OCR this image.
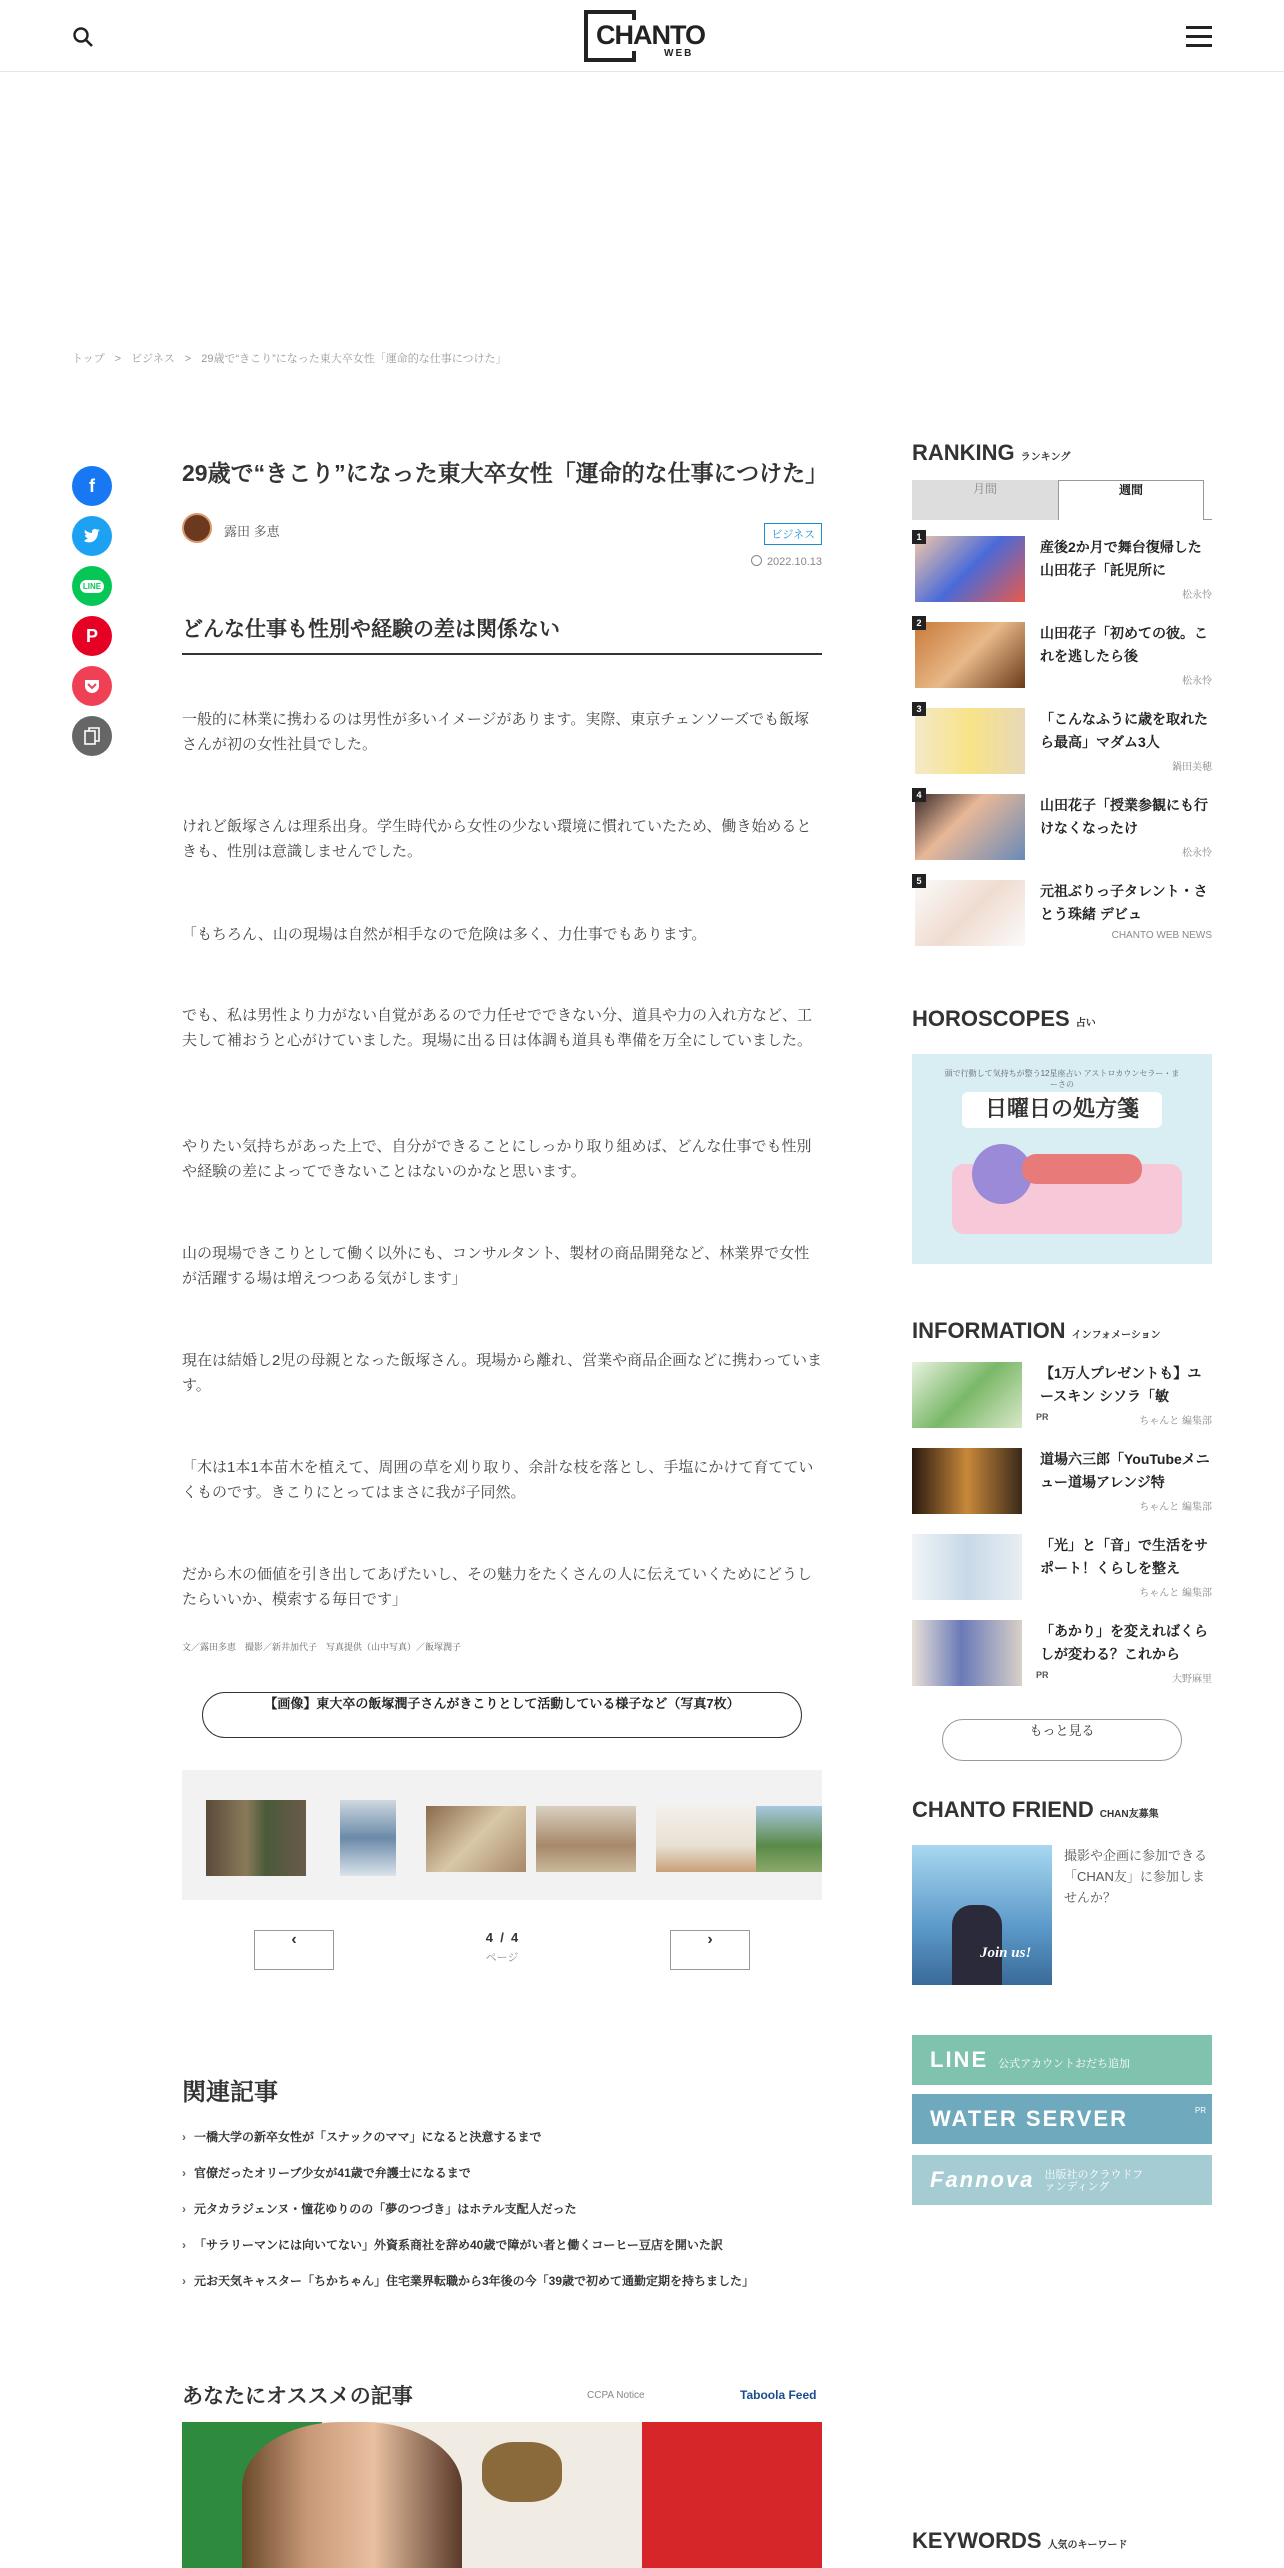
CHANTO
WEB
トップ > ビジネス > 29歳で“きこり”になった東大卒女性「運命的な仕事につけた」
f
LINE
P
29歳で“きこり”になった東大卒女性「運命的な仕事につけた」
露田 多恵	ビジネス
2022.10.13
どんな仕事も性別や経験の差は関係ない

一般的に林業に携わるのは男性が多いイメージがあります。実際、東京チェンソーズでも飯塚さんが初の女性社員でした。

けれど飯塚さんは理系出身。学生時代から女性の少ない環境に慣れていたため、働き始めるときも、性別は意識しませんでした。

「もちろん、山の現場は自然が相手なので危険は多く、力仕事でもあります。

でも、私は男性より力がない自覚があるので力任せでできない分、道具や力の入れ方など、工夫して補おうと心がけていました。現場に出る日は体調も道具も準備を万全にしていました。

やりたい気持ちがあった上で、自分ができることにしっかり取り組めば、どんな仕事でも性別や経験の差によってできないことはないのかなと思います。

山の現場できこりとして働く以外にも、コンサルタント、製材の商品開発など、林業界で女性が活躍する場は増えつつある気がします」

現在は結婚し2児の母親となった飯塚さん。現場から離れ、営業や商品企画などに携わっています。

「木は1本1本苗木を植えて、周囲の草を刈り取り、余計な枝を落とし、手塩にかけて育てていくものです。きこりにとってはまさに我が子同然。

だから木の価値を引き出してあげたいし、その魅力をたくさんの人に伝えていくためにどうしたらいいか、模索する毎日です」

文／露田多恵　撮影／新井加代子　写真提供（山中写真）／飯塚潤子

【画像】東大卒の飯塚潤子さんがきこりとして活動している様子など（写真7枚）
‹	4 / 4
ページ
›
関連記事
› 一橋大学の新卒女性が「スナックのママ」になると決意するまで
› 官僚だったオリーブ少女が41歳で弁護士になるまで
› 元タカラジェンヌ・憧花ゆりのの「夢のつづき」はホテル支配人だった
› 「サラリーマンには向いてない」外資系商社を辞め40歳で障がい者と働くコーヒー豆店を開いた訳
› 元お天気キャスター「ちかちゃん」住宅業界転職から3年後の今「39歳で初めて通勤定期を持ちました」
あなたにオススメの記事	CCPA Notice	Taboola Feed
RANKING ランキング
月間	週間
1
産後2か月で舞台復帰した山田花子「託児所に
松永怜
2
山田花子「初めての彼。これを逃したら後
松永怜
3
「こんなふうに歳を取れたら最高」マダム3人
鍋田美穂
4
山田花子「授業参観にも行けなくなったけ
松永怜
5
元祖ぶりっ子タレント・さとう珠緒 デビュ
CHANTO WEB NEWS
HOROSCOPES 占い
頭で行動して気持ちが整う12星座占い アストロカウンセラー・まーさの
日曜日の処方箋
INFORMATION インフォメーション
【1万人プレゼントも】ユースキン シソラ「敏
PR	ちゃんと 編集部
道場六三郎「YouTubeメニュー道場アレンジ特
ちゃんと 編集部
「光」と「音」で生活をサポート！くらしを整え
ちゃんと 編集部
「あかり」を変えればくらしが変わる？これから
PR	大野麻里
もっと見る
CHANTO FRIEND CHAN友募集
Join us!
撮影や企画に参加できる「CHAN友」に参加しませんか？
LINE 公式アカウントおだち追加
WATER SERVER	PR
Fannova 出版社のクラウドファンディング
KEYWORDS 人気のキーワード
